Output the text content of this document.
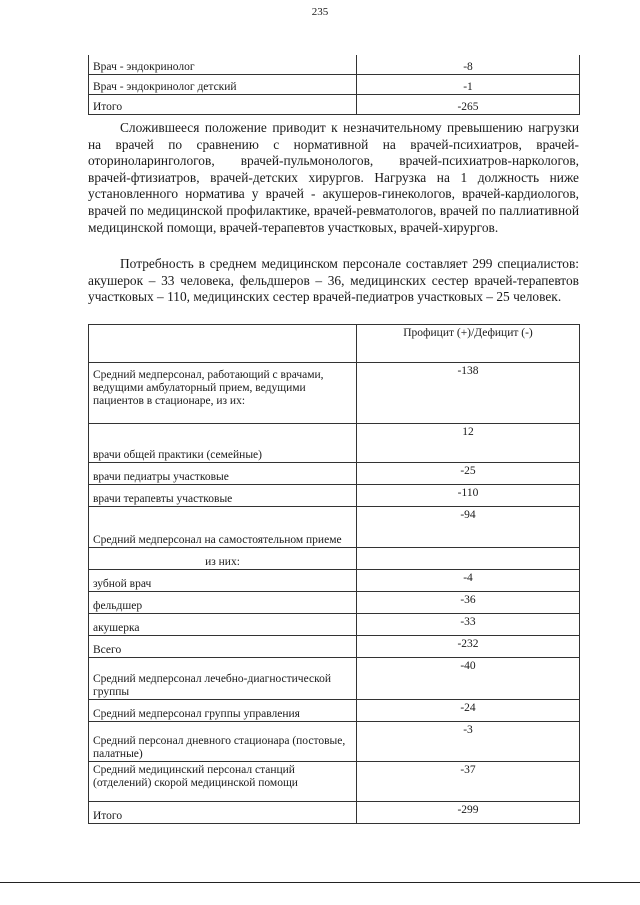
235
Врач - эндокринолог	-8
Врач - эндокринолог детский	-1
Итого	-265

Сложившееся положение приводит к незначительному превышению нагрузки на врачей по сравнению с нормативной на врачей-психиатров, врачей-оториноларингологов, врачей-пульмонологов, врачей-психиатров-наркологов, врачей-фтизиатров, врачей-детских хирургов. Нагрузка на 1 должность ниже установленного норматива у врачей - акушеров-гинекологов, врачей-кардиологов, врачей по медицинской профилактике, врачей-ревматологов, врачей по паллиативной медицинской помощи, врачей-терапевтов участковых, врачей-хирургов.

Потребность в среднем медицинском персонале составляет 299 специалистов: акушерок – 33 человека, фельдшеров – 36, медицинских сестер врачей-терапевтов участковых – 110, медицинских сестер врачей-педиатров участковых – 25 человек.

	Профицит (+)/Дефицит (-)
Средний медперсонал, работающий с врачами, ведущими амбулаторный прием, ведущими пациентов в стационаре, из их:	-138
врачи общей практики (семейные)	12
врачи педиатры участковые	-25
врачи терапевты участковые	-110
Средний медперсонал на самостоятельном приеме	-94
из них:	
зубной врач	-4
фельдшер	-36
акушерка	-33
Всего	-232
Средний медперсонал лечебно-диагностической группы	-40
Средний медперсонал группы управления	-24
Средний персонал дневного стационара (постовые, палатные)	-3
Средний медицинский персонал станций (отделений) скорой медицинской помощи	-37
Итого	-299
